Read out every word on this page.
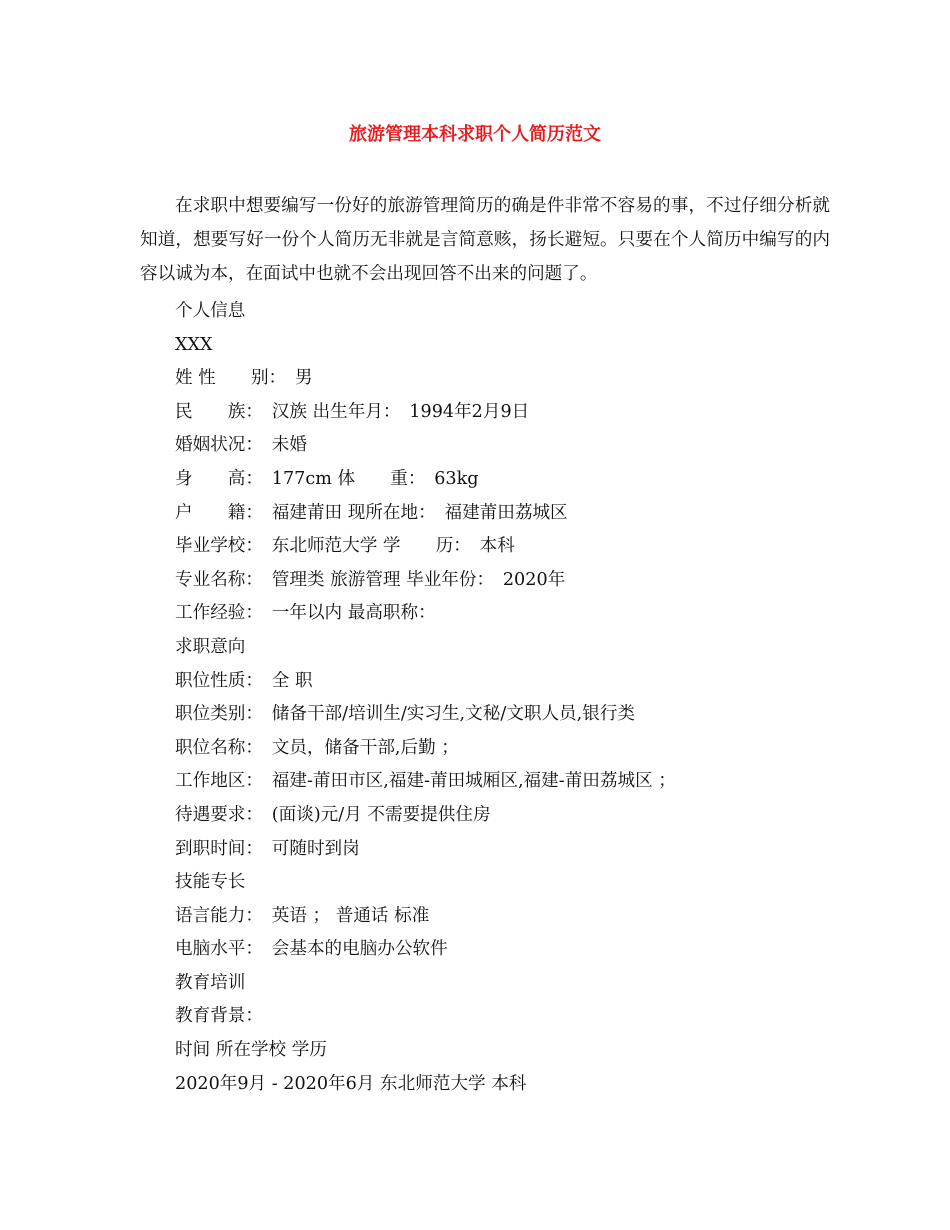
旅游管理本科求职个人简历范文

在求职中想要编写一份好的旅游管理简历的确是件非常不容易的事，不过仔细分析就知道，想要写好一份个人简历无非就是言简意赅，扬长避短。只要在个人简历中编写的内容以诚为本，在面试中也就不会出现回答不出来的问题了。

个人信息
XXX
姓 性　　别：　男
民　　族：　汉族 出生年月：　1994年2月9日
婚姻状况：　未婚
身　　高：　177cm 体　　重：　63kg
户　　籍：　福建莆田 现所在地：　福建莆田荔城区
毕业学校：　东北师范大学 学　　历：　本科
专业名称：　管理类 旅游管理 毕业年份：　2020年
工作经验：　一年以内 最高职称：
求职意向
职位性质：　全 职
职位类别：　储备干部/培训生/实习生,文秘/文职人员,银行类
职位名称：　文员，储备干部,后勤 ；
工作地区：　福建-莆田市区,福建-莆田城厢区,福建-莆田荔城区 ；
待遇要求：　(面谈)元/月 不需要提供住房
到职时间：　可随时到岗
技能专长
语言能力：　英语 ； 普通话 标准
电脑水平：　会基本的电脑办公软件
教育培训
教育背景：
时间 所在学校 学历
2020年9月 - 2020年6月 东北师范大学 本科
